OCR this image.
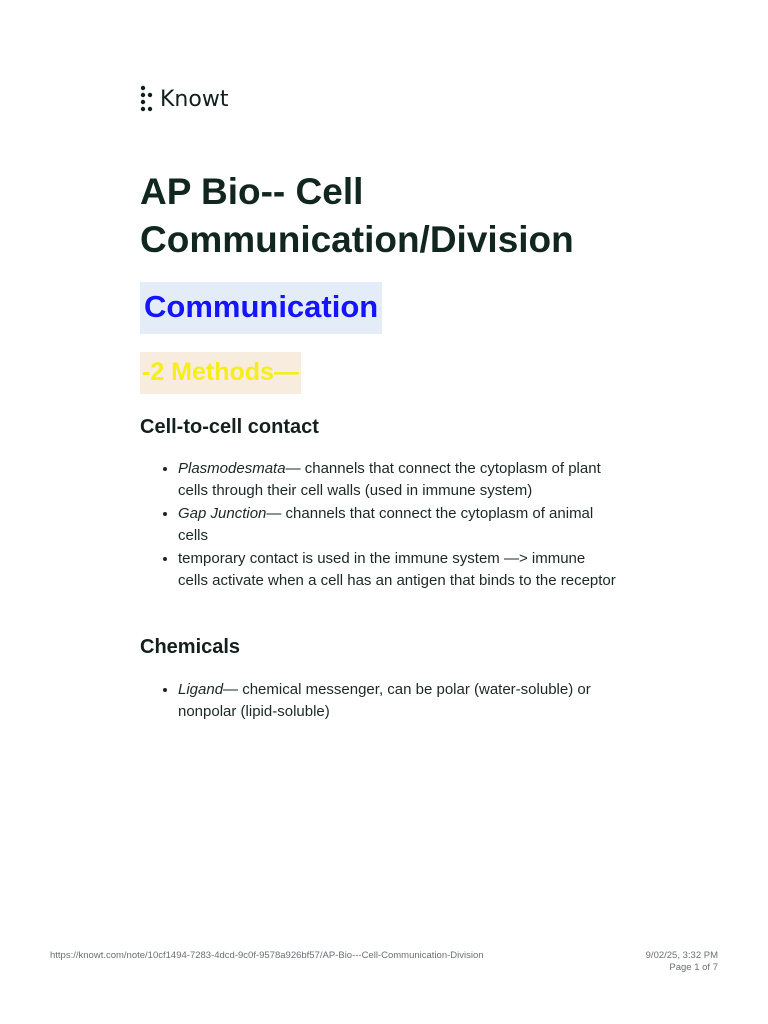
Knowt
AP Bio-- Cell Communication/Division
Communication
-2 Methods—
Cell-to-cell contact
• Plasmodesmata— channels that connect the cytoplasm of plant cells through their cell walls (used in immune system)
• Gap Junction— channels that connect the cytoplasm of animal cells
• temporary contact is used in the immune system —> immune cells activate when a cell has an antigen that binds to the receptor
Chemicals
• Ligand— chemical messenger, can be polar (water-soluble) or nonpolar (lipid-soluble)
https://knowt.com/note/10cf1494-7283-4dcd-9c0f-9578a926bf57/AP-Bio---Cell-Communication-Division	9/02/25, 3:32 PM
Page 1 of 7
